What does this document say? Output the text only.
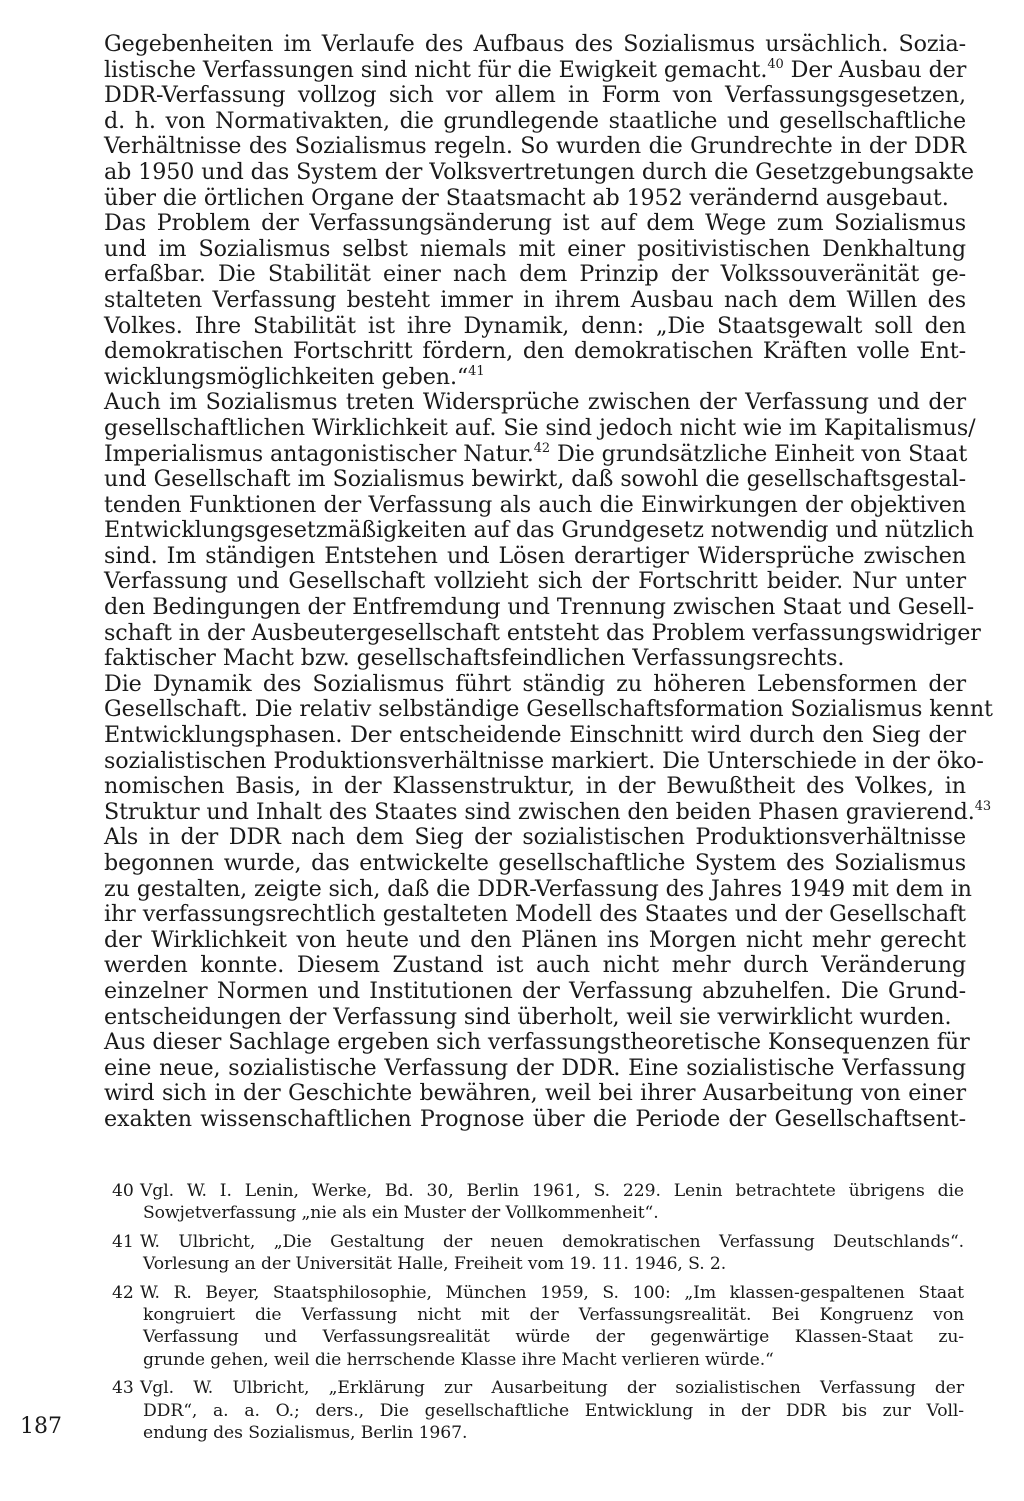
Gegebenheiten im Verlaufe des Aufbaus des Sozialismus ursächlich. Sozia-
listische Verfassungen sind nicht für die Ewigkeit gemacht.$^{40}$ Der Ausbau der
DDR-Verfassung vollzog sich vor allem in Form von Verfassungsgesetzen,
d. h. von Normativakten, die grundlegende staatliche und gesellschaftliche
Verhältnisse des Sozialismus regeln. So wurden die Grundrechte in der DDR
ab 1950 und das System der Volksvertretungen durch die Gesetzgebungsakte
über die örtlichen Organe der Staatsmacht ab 1952 verändernd ausgebaut.
Das Problem der Verfassungsänderung ist auf dem Wege zum Sozialismus
und im Sozialismus selbst niemals mit einer positivistischen Denkhaltung
erfaßbar. Die Stabilität einer nach dem Prinzip der Volkssouveränität ge-
stalteten Verfassung besteht immer in ihrem Ausbau nach dem Willen des
Volkes. Ihre Stabilität ist ihre Dynamik, denn: „Die Staatsgewalt soll den
demokratischen Fortschritt fördern, den demokratischen Kräften volle Ent-
wicklungsmöglichkeiten geben.“$^{41}$
Auch im Sozialismus treten Widersprüche zwischen der Verfassung und der
gesellschaftlichen Wirklichkeit auf. Sie sind jedoch nicht wie im Kapitalismus/
Imperialismus antagonistischer Natur.$^{42}$ Die grundsätzliche Einheit von Staat
und Gesellschaft im Sozialismus bewirkt, daß sowohl die gesellschaftsgestal-
tenden Funktionen der Verfassung als auch die Einwirkungen der objektiven
Entwicklungsgesetzmäßigkeiten auf das Grundgesetz notwendig und nützlich
sind. Im ständigen Entstehen und Lösen derartiger Widersprüche zwischen
Verfassung und Gesellschaft vollzieht sich der Fortschritt beider. Nur unter
den Bedingungen der Entfremdung und Trennung zwischen Staat und Gesell-
schaft in der Ausbeutergesellschaft entsteht das Problem verfassungswidriger
faktischer Macht bzw. gesellschaftsfeindlichen Verfassungsrechts.
Die Dynamik des Sozialismus führt ständig zu höheren Lebensformen der
Gesellschaft. Die relativ selbständige Gesellschaftsformation Sozialismus kennt
Entwicklungsphasen. Der entscheidende Einschnitt wird durch den Sieg der
sozialistischen Produktionsverhältnisse markiert. Die Unterschiede in der öko-
nomischen Basis, in der Klassenstruktur, in der Bewußtheit des Volkes, in
Struktur und Inhalt des Staates sind zwischen den beiden Phasen gravierend.$^{43}$
Als in der DDR nach dem Sieg der sozialistischen Produktionsverhältnisse
begonnen wurde, das entwickelte gesellschaftliche System des Sozialismus
zu gestalten, zeigte sich, daß die DDR-Verfassung des Jahres 1949 mit dem in
ihr verfassungsrechtlich gestalteten Modell des Staates und der Gesellschaft
der Wirklichkeit von heute und den Plänen ins Morgen nicht mehr gerecht
werden konnte. Diesem Zustand ist auch nicht mehr durch Veränderung
einzelner Normen und Institutionen der Verfassung abzuhelfen. Die Grund-
entscheidungen der Verfassung sind überholt, weil sie verwirklicht wurden.
Aus dieser Sachlage ergeben sich verfassungstheoretische Konsequenzen für
eine neue, sozialistische Verfassung der DDR. Eine sozialistische Verfassung
wird sich in der Geschichte bewähren, weil bei ihrer Ausarbeitung von einer
exakten wissenschaftlichen Prognose über die Periode der Gesellschaftsent-
40 Vgl. W. I. Lenin, Werke, Bd. 30, Berlin 1961, S. 229. Lenin betrachtete übrigens die
Sowjetverfassung „nie als ein Muster der Vollkommenheit“.
41 W. Ulbricht, „Die Gestaltung der neuen demokratischen Verfassung Deutschlands“.
Vorlesung an der Universität Halle, Freiheit vom 19. 11. 1946, S. 2.
42 W. R. Beyer, Staatsphilosophie, München 1959, S. 100: „Im klassen-gespaltenen Staat
kongruiert die Verfassung nicht mit der Verfassungsrealität. Bei Kongruenz von
Verfassung und Verfassungsrealität würde der gegenwärtige Klassen-Staat zu-
grunde gehen, weil die herrschende Klasse ihre Macht verlieren würde.“
43 Vgl. W. Ulbricht, „Erklärung zur Ausarbeitung der sozialistischen Verfassung der
DDR“, a. a. O.; ders., Die gesellschaftliche Entwicklung in der DDR bis zur Voll-
endung des Sozialismus, Berlin 1967.
187
